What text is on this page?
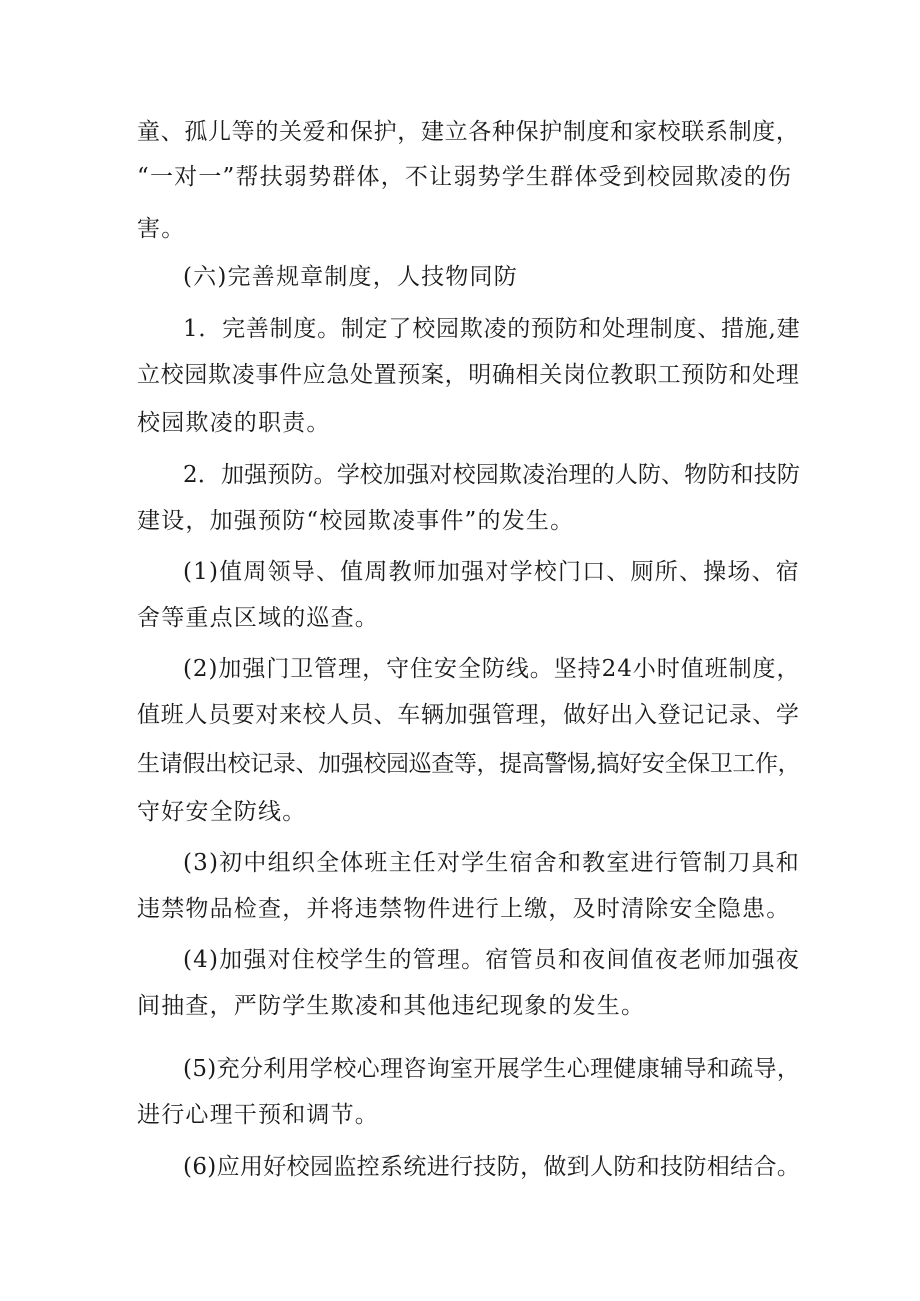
童、孤儿等的关爱和保护，建立各种保护制度和家校联系制度，
“一对一”帮扶弱势群体，不让弱势学生群体受到校园欺凌的伤
害。
(六)完善规章制度，人技物同防
1．完善制度。制定了校园欺凌的预防和处理制度、措施,建
立校园欺凌事件应急处置预案，明确相关岗位教职工预防和处理
校园欺凌的职责。
2．加强预防。学校加强对校园欺凌治理的人防、物防和技防
建设，加强预防“校园欺凌事件”的发生。
(1)值周领导、值周教师加强对学校门口、厕所、操场、宿
舍等重点区域的巡查。
(2)加强门卫管理，守住安全防线。坚持24小时值班制度，
值班人员要对来校人员、车辆加强管理，做好出入登记记录、学
生请假出校记录、加强校园巡查等，提高警惕,搞好安全保卫工作，
守好安全防线。
(3)初中组织全体班主任对学生宿舍和教室进行管制刀具和
违禁物品检查，并将违禁物件进行上缴，及时清除安全隐患。
(4)加强对住校学生的管理。宿管员和夜间值夜老师加强夜
间抽查，严防学生欺凌和其他违纪现象的发生。
(5)充分利用学校心理咨询室开展学生心理健康辅导和疏导，
进行心理干预和调节。
(6)应用好校园监控系统进行技防，做到人防和技防相结合。
